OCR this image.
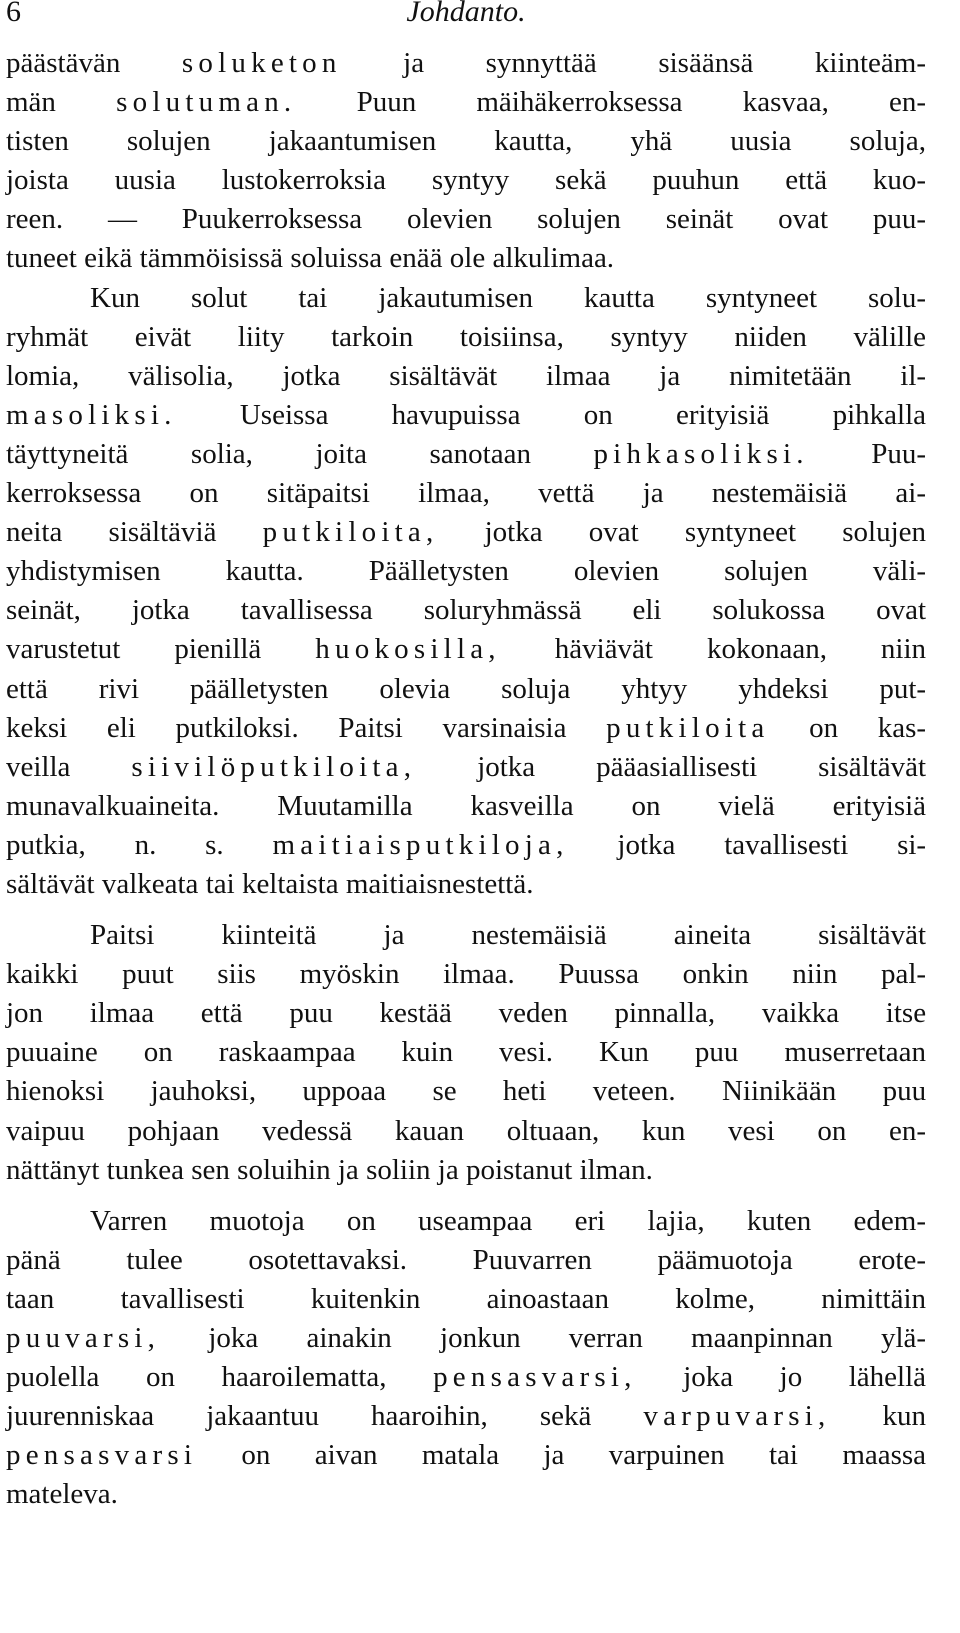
6	Johdanto.
päästävän soluketon ja synnyttää sisäänsä kiinteäm-
män solutuman. Puun mäihäkerroksessa kasvaa, en-
tisten solujen jakaantumisen kautta, yhä uusia soluja,
joista uusia lustokerroksia syntyy sekä puuhun että kuo-
reen. — Puukerroksessa olevien solujen seinät ovat puu-
tuneet eikä tämmöisissä soluissa enää ole alkulimaa.
Kun solut tai jakautumisen kautta syntyneet solu-
ryhmät eivät liity tarkoin toisiinsa, syntyy niiden välille
lomia, välisolia, jotka sisältävät ilmaa ja nimitetään il-
masoliksi. Useissa havupuissa on erityisiä pihkalla
täyttyneitä solia, joita sanotaan pihkasoliksi. Puu-
kerroksessa on sitäpaitsi ilmaa, vettä ja nestemäisiä ai-
neita sisältäviä putkiloita, jotka ovat syntyneet solujen
yhdistymisen kautta. Päälletysten olevien solujen väli-
seinät, jotka tavallisessa soluryhmässä eli solukossa ovat
varustetut pienillä huokosilla, häviävät kokonaan, niin
että rivi päälletysten olevia soluja yhtyy yhdeksi put-
keksi eli putkiloksi. Paitsi varsinaisia putkiloita on kas-
veilla siivilöputkiloita, jotka pääasiallisesti sisältävät
munavalkuaineita. Muutamilla kasveilla on vielä erityisiä
putkia, n. s. maitiaisputkiloja, jotka tavallisesti si-
sältävät valkeata tai keltaista maitiaisnestettä.
Paitsi kiinteitä ja nestemäisiä aineita sisältävät
kaikki puut siis myöskin ilmaa. Puussa onkin niin pal-
jon ilmaa että puu kestää veden pinnalla, vaikka itse
puuaine on raskaampaa kuin vesi. Kun puu muserretaan
hienoksi jauhoksi, uppoaa se heti veteen. Niinikään puu
vaipuu pohjaan vedessä kauan oltuaan, kun vesi on en-
nättänyt tunkea sen soluihin ja soliin ja poistanut ilman.
Varren muotoja on useampaa eri lajia, kuten edem-
pänä tulee osotettavaksi. Puuvarren päämuotoja erote-
taan tavallisesti kuitenkin ainoastaan kolme, nimittäin
puuvarsi, joka ainakin jonkun verran maanpinnan ylä-
puolella on haaroilematta, pensasvarsi, joka jo lähellä
juurenniskaa jakaantuu haaroihin, sekä varpuvarsi, kun
pensasvarsi on aivan matala ja varpuinen tai maassa
mateleva.
